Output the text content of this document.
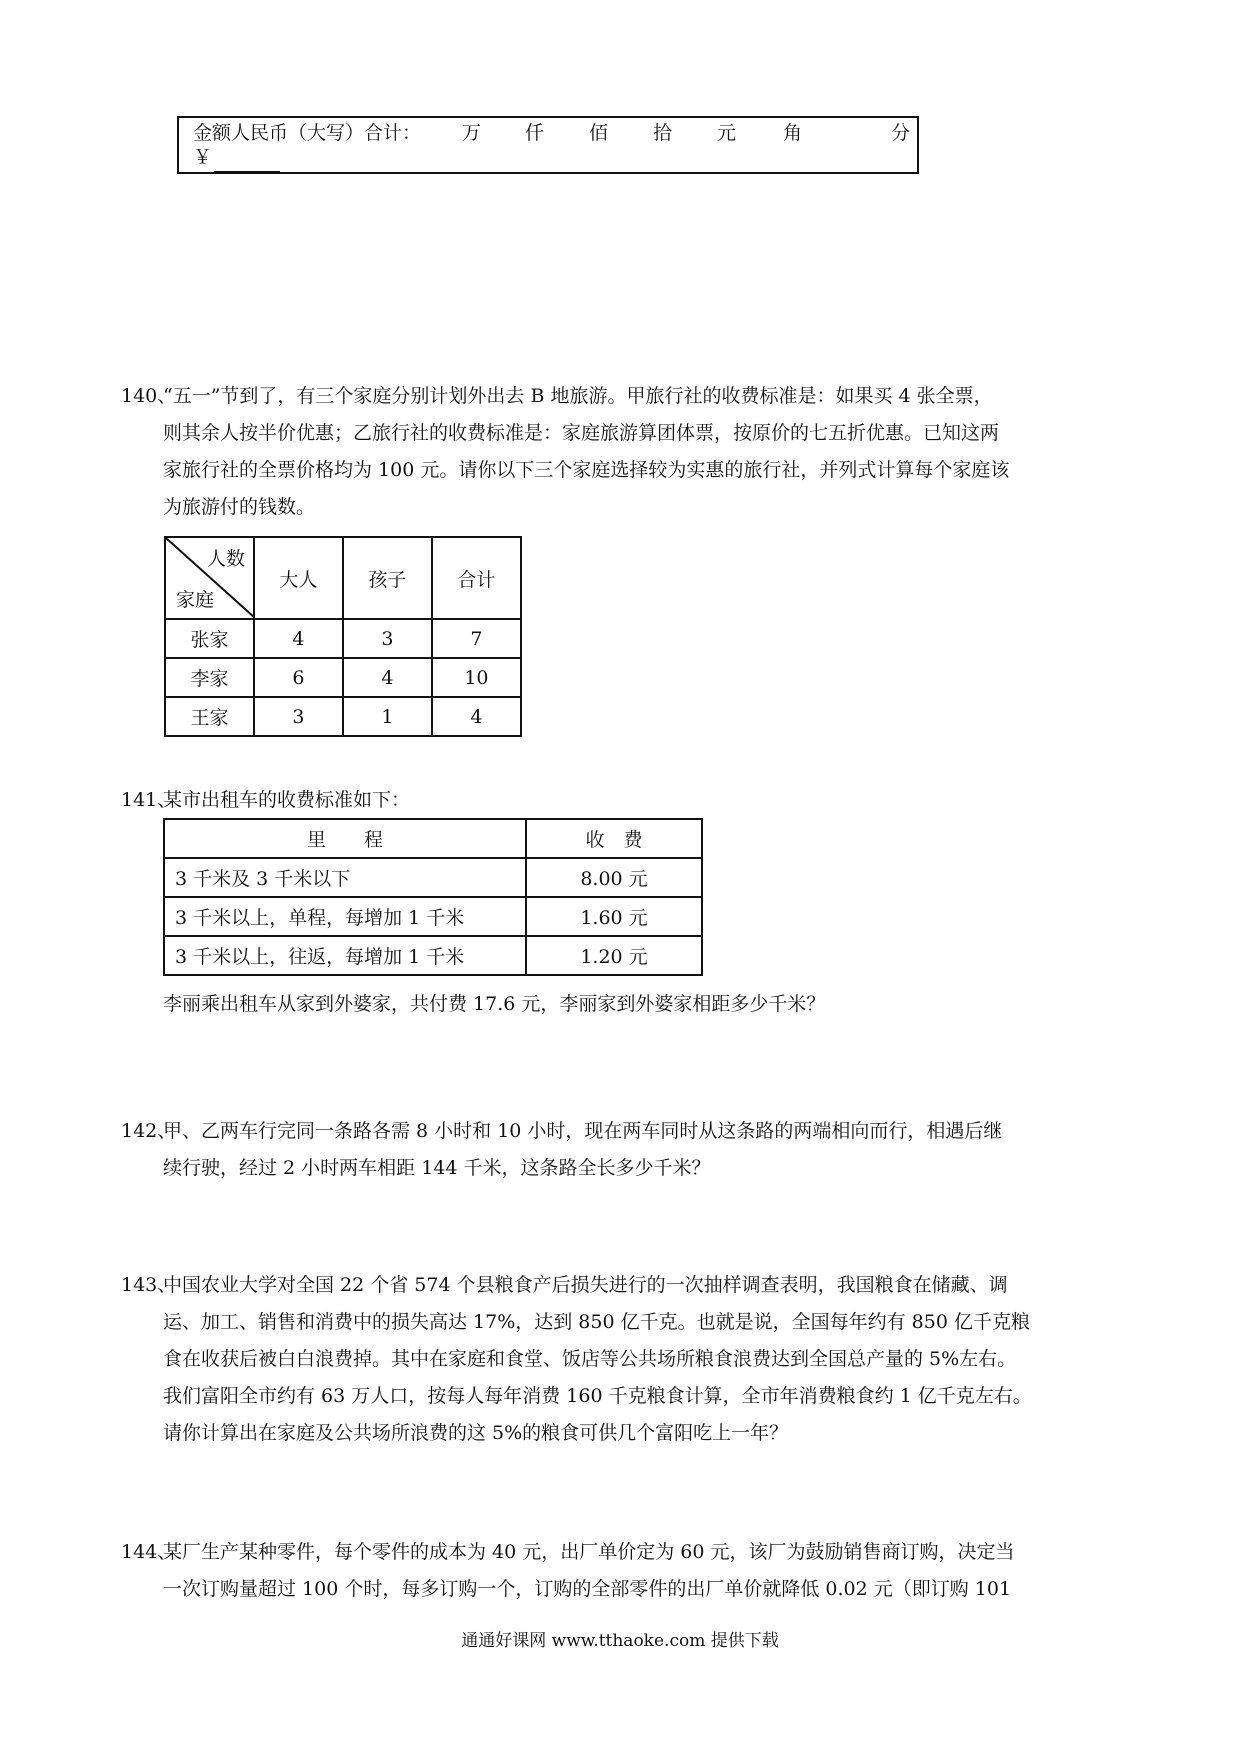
金额人民币（大写）合计： 万 仟 佰 拾 元 角	分
￥
140、
“五一”节到了，有三个家庭分别计划外出去 B 地旅游。甲旅行社的收费标准是：如果买 4 张全票，
则其余人按半价优惠；乙旅行社的收费标准是：家庭旅游算团体票，按原价的七五折优惠。已知这两
家旅行社的全票价格均为 100 元。请你以下三个家庭选择较为实惠的旅行社，并列式计算每个家庭该
为旅游付的钱数。
人数
家庭	大人	孩子	合计
张家	4	3	7
李家	6	4	10
王家	3	1	4
141、
某市出租车的收费标准如下：
里　　程	收　费
3 千米及 3 千米以下	8.00 元
3 千米以上，单程，每增加 1 千米	1.60 元
3 千米以上，往返，每增加 1 千米	1.20 元
李丽乘出租车从家到外婆家，共付费 17.6 元，李丽家到外婆家相距多少千米？
142、
甲、乙两车行完同一条路各需 8 小时和 10 小时，现在两车同时从这条路的两端相向而行，相遇后继
续行驶，经过 2 小时两车相距 144 千米，这条路全长多少千米？
143、
中国农业大学对全国 22 个省 574 个县粮食产后损失进行的一次抽样调查表明，我国粮食在储藏、调
运、加工、销售和消费中的损失高达 17%，达到 850 亿千克。也就是说，全国每年约有 850 亿千克粮
食在收获后被白白浪费掉。其中在家庭和食堂、饭店等公共场所粮食浪费达到全国总产量的 5%左右。
我们富阳全市约有 63 万人口，按每人每年消费 160 千克粮食计算，全市年消费粮食约 1 亿千克左右。
请你计算出在家庭及公共场所浪费的这 5%的粮食可供几个富阳吃上一年？
144、
某厂生产某种零件，每个零件的成本为 40 元，出厂单价定为 60 元，该厂为鼓励销售商订购，决定当
一次订购量超过 100 个时，每多订购一个，订购的全部零件的出厂单价就降低 0.02 元（即订购 101
通通好课网 www.tthaoke.com 提供下载
